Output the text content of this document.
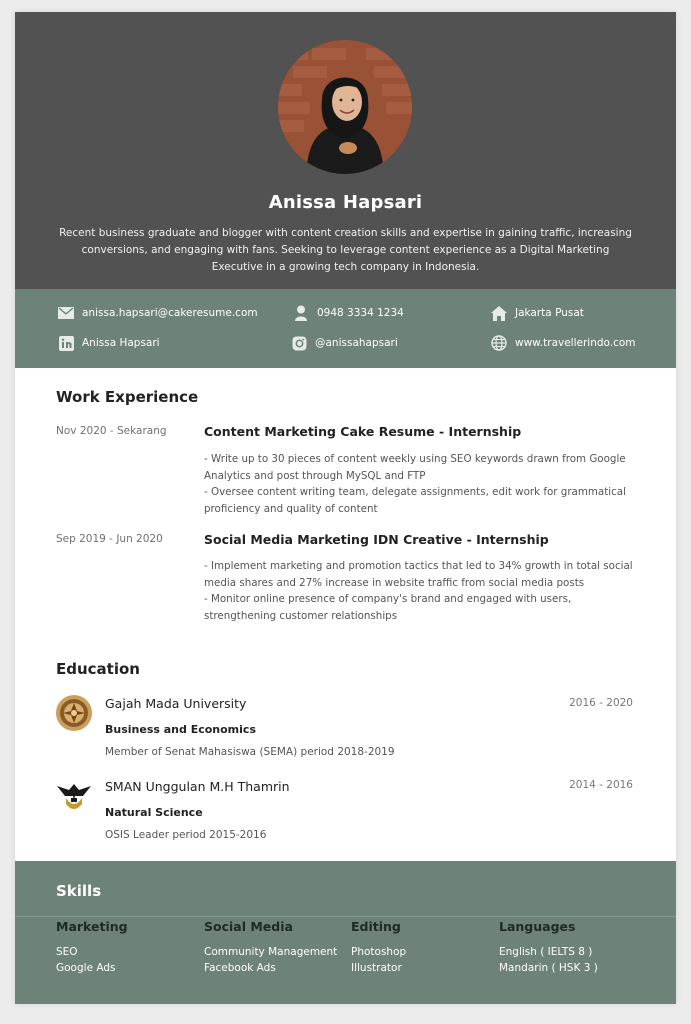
Anissa Hapsari
Recent business graduate and blogger with content creation skills and expertise in gaining traffic, increasing conversions, and engaging with fans. Seeking to leverage content experience as a Digital Marketing Executive in a growing tech company in Indonesia.
anissa.hapsari@cakeresume.com	0948 3334 1234	Jakarta Pusat
Anissa Hapsari	@anissahapsari	www.travellerindo.com
Work Experience
Nov 2020 - Sekarang	Content Marketing Cake Resume - Internship
- Write up to 30 pieces of content weekly using SEO keywords drawn from Google Analytics and post through MySQL and FTP
- Oversee content writing team, delegate assignments, edit work for grammatical proficiency and quality of content
Sep 2019 - Jun 2020	Social Media Marketing IDN Creative - Internship
- Implement marketing and promotion tactics that led to 34% growth in total social media shares and 27% increase in website traffic from social media posts
- Monitor online presence of company's brand and engaged with users, strengthening customer relationships
Education
Gajah Mada University	2016 - 2020
Business and Economics
Member of Senat Mahasiswa (SEMA) period 2018-2019
SMAN Unggulan M.H Thamrin	2014 - 2016
Natural Science
OSIS Leader period 2015-2016
Skills
Marketing
SEO
Google Ads
Social Media
Community Management
Facebook Ads
Editing
Photoshop
Illustrator
Languages
English ( IELTS 8 )
Mandarin ( HSK 3 )
